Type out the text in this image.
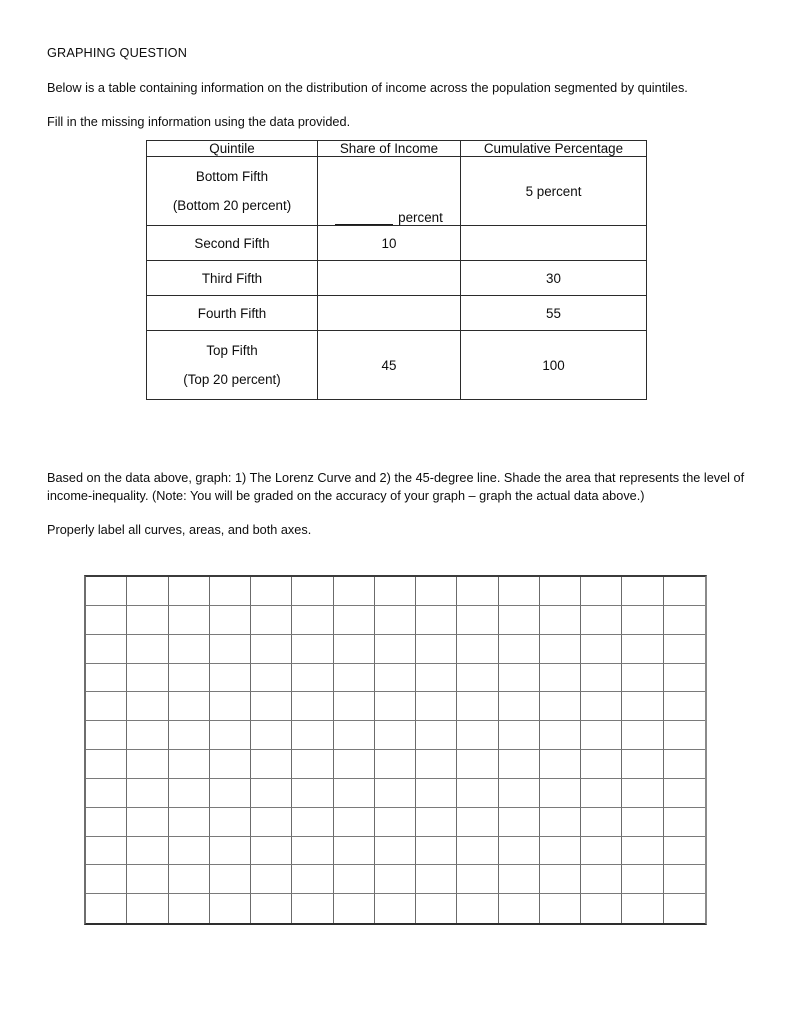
GRAPHING QUESTION

Below is a table containing information on the distribution of income across the population segmented by quintiles.

Fill in the missing information using the data provided.

Quintile	Share of Income	Cumulative Percentage

Bottom Fifth
(Bottom 20 percent)	percent	5 percent
Second Fifth	10	
Third Fifth		30
Fourth Fifth		55

Top Fifth
(Top 20 percent)	45	100

Based on the data above, graph: 1) The Lorenz Curve and 2) the 45-degree line. Shade the area that represents the level of income-inequality. (Note: You will be graded on the accuracy of your graph – graph the actual data above.)

Properly label all curves, areas, and both axes.
